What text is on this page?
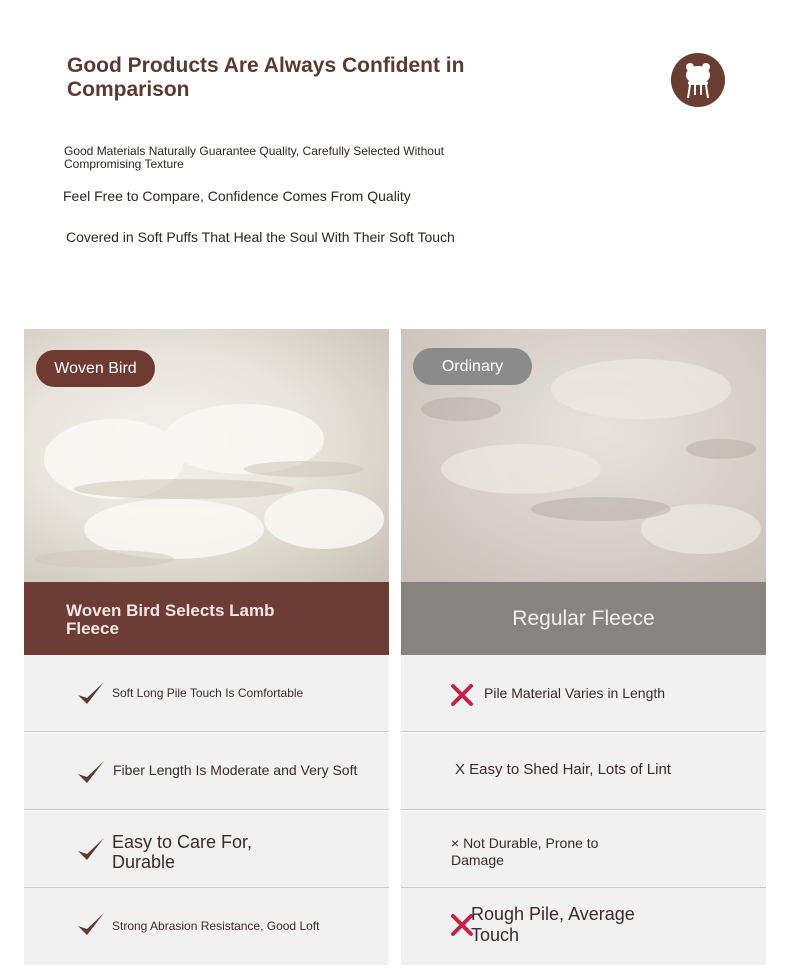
Good Products Are Always Confident in Comparison
Good Materials Naturally Guarantee Quality, Carefully Selected Without Compromising Texture
Feel Free to Compare, Confidence Comes From Quality
Covered in Soft Puffs That Heal the Soul With Their Soft Touch
Woven Bird
Woven Bird Selects Lamb Fleece
Soft Long Pile Touch Is Comfortable
Fiber Length Is Moderate and Very Soft
Easy to Care For, Durable
Strong Abrasion Resistance, Good Loft
Ordinary
Regular Fleece
Pile Material Varies in Length
X Easy to Shed Hair, Lots of Lint
× Not Durable, Prone to Damage
Rough Pile, Average Touch
